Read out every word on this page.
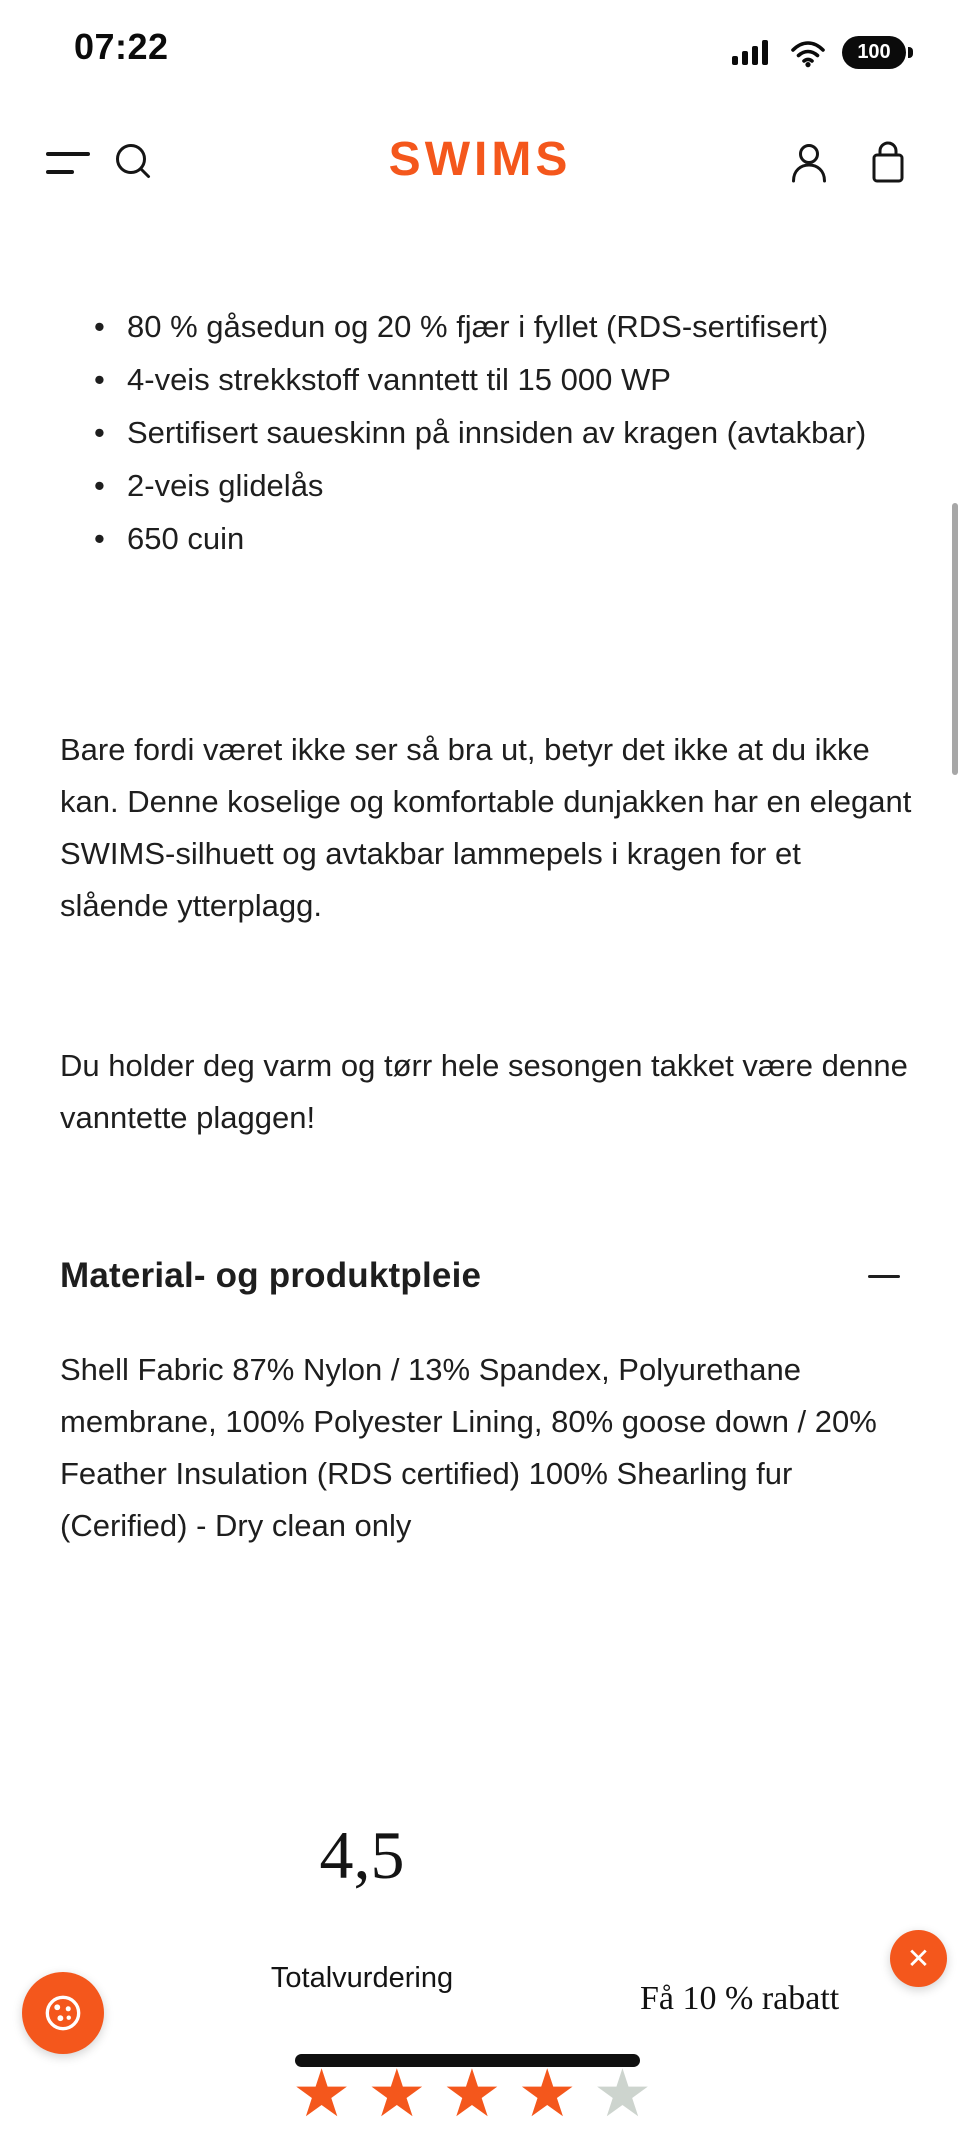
07:22	100
SWIMS
• 80 % gåsedun og 20 % fjær i fyllet (RDS-sertifisert)
• 4-veis strekkstoff vanntett til 15 000 WP
• Sertifisert saueskinn på innsiden av kragen (avtakbar)
• 2-veis glidelås
• 650 cuin

Bare fordi været ikke ser så bra ut, betyr det ikke at du ikke kan. Denne koselige og komfortable dunjakken har en elegant SWIMS-silhuett og avtakbar lammepels i kragen for et slående ytterplagg.

Du holder deg varm og tørr hele sesongen takket være denne vanntette plaggen!

Material- og produktpleie

Shell Fabric 87% Nylon / 13% Spandex, Polyurethane membrane, 100% Polyester Lining, 80% goose down / 20% Feather Insulation (RDS certified) 100% Shearling fur (Cerified) - Dry clean only

4,5
Totalvurdering
★ ★ ★ ★ ★
✕
Få 10 % rabatt
